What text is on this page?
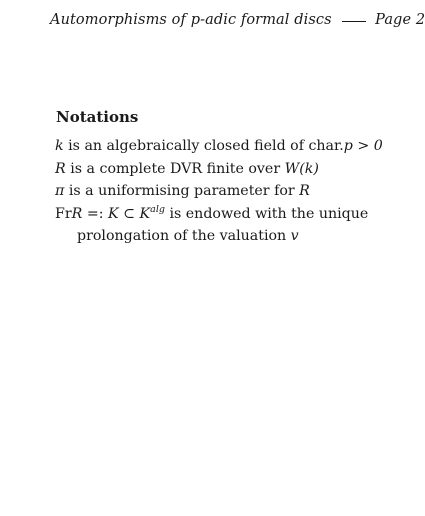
Automorphisms of p-adic formal discs	Page 2
Notations
k is an algebraically closed field of char.p > 0
R is a complete DVR finite over W(k)
π is a uniformising parameter for R
FrR =: K ⊂ $K^{alg}$ is endowed with the unique
prolongation of the valuation v
